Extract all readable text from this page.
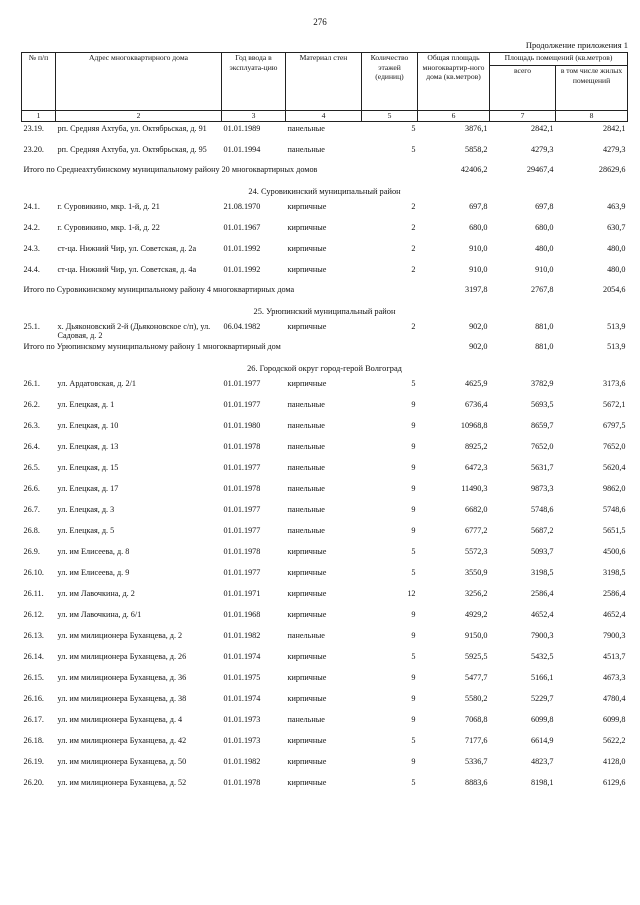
276
Продолжение приложения 1
№ п/п	Адрес многоквартирного дома	Год ввода в эксплуата-цию	Материал стен	Количество этажей (единиц)	Общая площадь многоквартир-ного дома (кв.метров)	Площадь помещений (кв.метров)	
						всего	в том числе жилых помещений
1	2	3	4	5	6	7	8
23.19.	рп. Средняя Ахтуба, ул. Октябрьская, д. 91	01.01.1989	панельные	5	3876,1	2842,1	2842,1
23.20.	рп. Средняя Ахтуба, ул. Октябрьская, д. 95	01.01.1994	панельные	5	5858,2	4279,3	4279,3
Итого по Среднеахтубинскому муниципальному району 20 многоквартирных домов					42406,2	29467,4	28629,6
24. Суровикинский муниципальный район							
24.1.	г. Суровикино, мкр. 1-й, д. 21	21.08.1970	кирпичные	2	697,8	697,8	463,9
24.2.	г. Суровикино, мкр. 1-й, д. 22	01.01.1967	кирпичные	2	680,0	680,0	630,7
24.3.	ст-ца. Нижний Чир, ул. Советская, д. 2а	01.01.1992	кирпичные	2	910,0	480,0	480,0
24.4.	ст-ца. Нижний Чир, ул. Советская, д. 4а	01.01.1992	кирпичные	2	910,0	910,0	480,0
Итого по Суровикинскому муниципальному району 4 многоквартирных дома					3197,8	2767,8	2054,6
25. Урюпинский муниципальный район							
25.1.	х. Дьяконовский 2-й (Дьяконовское с/п), ул. Садовая, д. 2	06.04.1982	кирпичные	2	902,0	881,0	513,9
Итого по Урюпинскому муниципальному району 1 многоквартирный дом					902,0	881,0	513,9
26. Городской округ город-герой Волгоград							
26.1.	ул. Ардатовская, д. 2/1	01.01.1977	кирпичные	5	4625,9	3782,9	3173,6
26.2.	ул. Елецкая, д. 1	01.01.1977	панельные	9	6736,4	5693,5	5672,1
26.3.	ул. Елецкая, д. 10	01.01.1980	панельные	9	10968,8	8659,7	6797,5
26.4.	ул. Елецкая, д. 13	01.01.1978	панельные	9	8925,2	7652,0	7652,0
26.5.	ул. Елецкая, д. 15	01.01.1977	панельные	9	6472,3	5631,7	5620,4
26.6.	ул. Елецкая, д. 17	01.01.1978	панельные	9	11490,3	9873,3	9862,0
26.7.	ул. Елецкая, д. 3	01.01.1977	панельные	9	6682,0	5748,6	5748,6
26.8.	ул. Елецкая, д. 5	01.01.1977	панельные	9	6777,2	5687,2	5651,5
26.9.	ул. им Елисеева, д. 8	01.01.1978	кирпичные	5	5572,3	5093,7	4500,6
26.10.	ул. им Елисеева, д. 9	01.01.1977	кирпичные	5	3550,9	3198,5	3198,5
26.11.	ул. им Лавочкина, д. 2	01.01.1971	кирпичные	12	3256,2	2586,4	2586,4
26.12.	ул. им Лавочкина, д. 6/1	01.01.1968	кирпичные	9	4929,2	4652,4	4652,4
26.13.	ул. им милиционера Буханцева, д. 2	01.01.1982	панельные	9	9150,0	7900,3	7900,3
26.14.	ул. им милиционера Буханцева, д. 26	01.01.1974	кирпичные	5	5925,5	5432,5	4513,7
26.15.	ул. им милиционера Буханцева, д. 36	01.01.1975	кирпичные	9	5477,7	5166,1	4673,3
26.16.	ул. им милиционера Буханцева, д. 38	01.01.1974	кирпичные	9	5580,2	5229,7	4780,4
26.17.	ул. им милиционера Буханцева, д. 4	01.01.1973	панельные	9	7068,8	6099,8	6099,8
26.18.	ул. им милиционера Буханцева, д. 42	01.01.1973	кирпичные	5	7177,6	6614,9	5622,2
26.19.	ул. им милиционера Буханцева, д. 50	01.01.1982	кирпичные	9	5336,7	4823,7	4128,0
26.20.	ул. им милиционера Буханцева, д. 52	01.01.1978	кирпичные	5	8883,6	8198,1	6129,6
